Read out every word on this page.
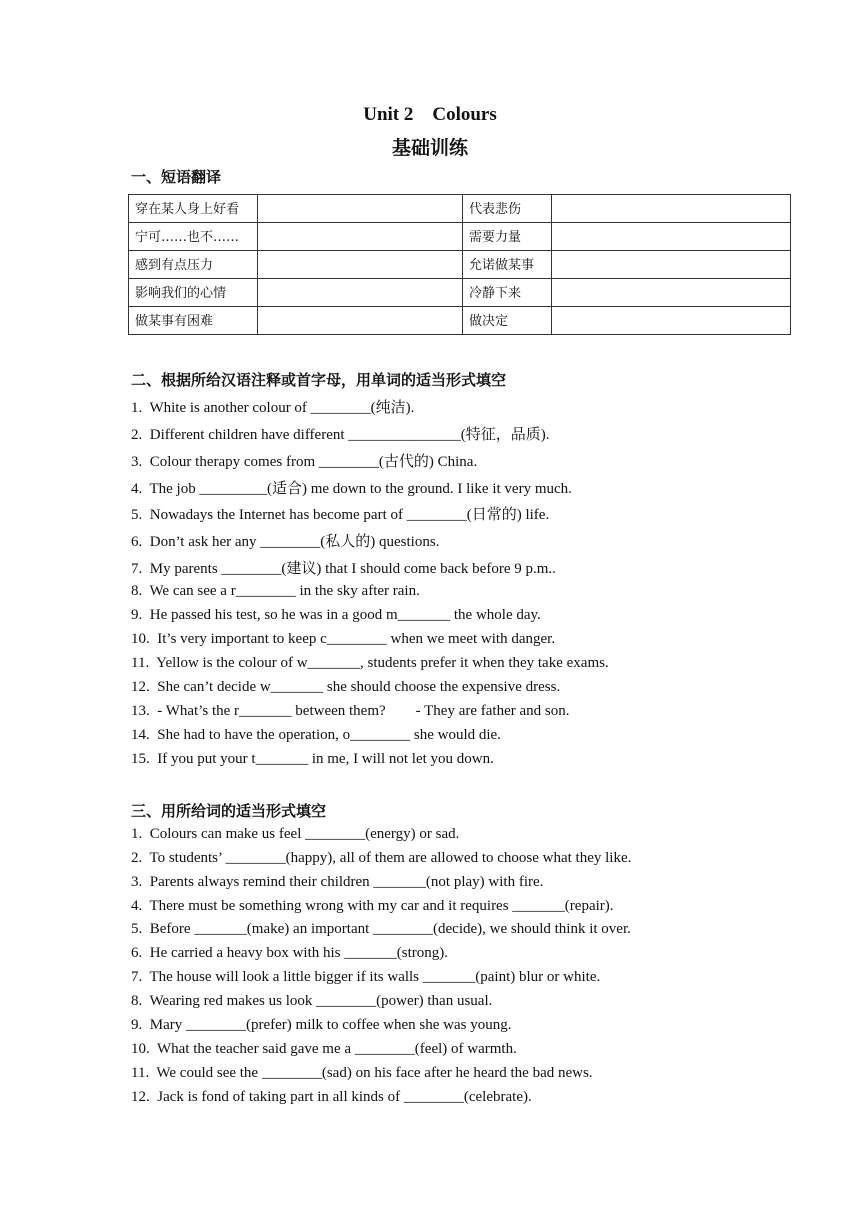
Unit 2    Colours
基础训练
一、短语翻译
穿在某人身上好看		代表悲伤	
宁可……也不……		需要力量	
感到有点压力		允诺做某事	
影响我们的心情		冷静下来	
做某事有困难		做决定	
二、根据所给汉语注释或首字母，用单词的适当形式填空
1.  White is another colour of ________(纯洁).
2.  Different children have different _______________(特征，品质).
3.  Colour therapy comes from ________(古代的) China.
4.  The job _________(适合) me down to the ground. I like it very much.
5.  Nowadays the Internet has become part of ________(日常的) life.
6.  Don’t ask her any ________(私人的) questions.
7.  My parents ________(建议) that I should come back before 9 p.m..
8.  We can see a r________ in the sky after rain.
9.  He passed his test, so he was in a good m_______ the whole day.
10.  It’s very important to keep c________ when we meet with danger.
11.  Yellow is the colour of w_______, students prefer it when they take exams.
12.  She can’t decide w_______ she should choose the expensive dress.
13.  - What’s the r_______ between them?        - They are father and son.
14.  She had to have the operation, o________ she would die.
15.  If you put your t_______ in me, I will not let you down.
三、用所给词的适当形式填空
1.  Colours can make us feel ________(energy) or sad.
2.  To students’ ________(happy), all of them are allowed to choose what they like.
3.  Parents always remind their children _______(not play) with fire.
4.  There must be something wrong with my car and it requires _______(repair).
5.  Before _______(make) an important ________(decide), we should think it over.
6.  He carried a heavy box with his _______(strong).
7.  The house will look a little bigger if its walls _______(paint) blur or white.
8.  Wearing red makes us look ________(power) than usual.
9.  Mary ________(prefer) milk to coffee when she was young.
10.  What the teacher said gave me a ________(feel) of warmth.
11.  We could see the ________(sad) on his face after he heard the bad news.
12.  Jack is fond of taking part in all kinds of ________(celebrate).
